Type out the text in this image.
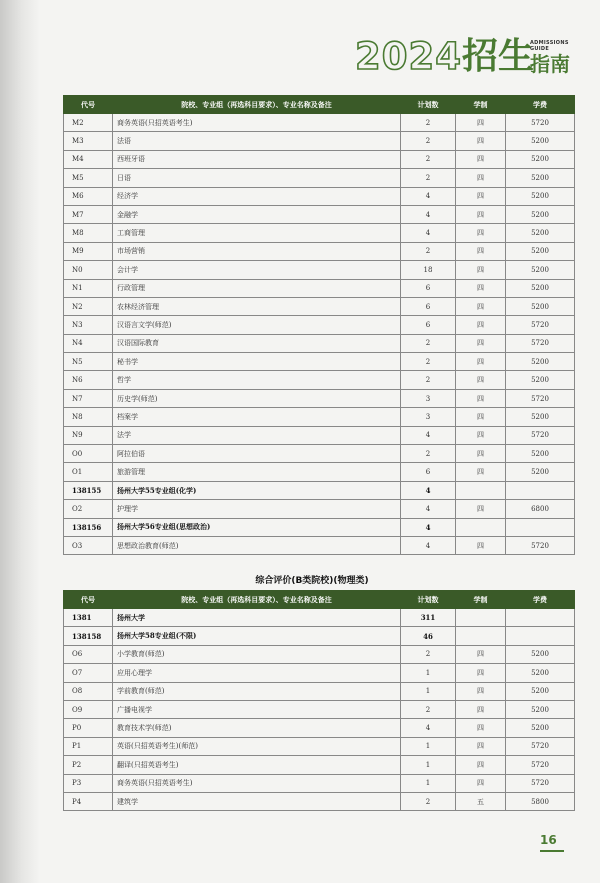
2024 招生
ADMISSIONS
GUIDE
指南
代号	院校、专业组（再选科目要求）、专业名称及备注	计划数	学制	学费
M2	商务英语(只招英语考生)	2	四	5720
M3	法语	2	四	5200
M4	西班牙语	2	四	5200
M5	日语	2	四	5200
M6	经济学	4	四	5200
M7	金融学	4	四	5200
M8	工商管理	4	四	5200
M9	市场营销	2	四	5200
N0	会计学	18	四	5200
N1	行政管理	6	四	5200
N2	农林经济管理	6	四	5200
N3	汉语言文学(师范)	6	四	5720
N4	汉语国际教育	2	四	5720
N5	秘书学	2	四	5200
N6	哲学	2	四	5200
N7	历史学(师范)	3	四	5720
N8	档案学	3	四	5200
N9	法学	4	四	5720
O0	阿拉伯语	2	四	5200
O1	旅游管理	6	四	5200
138155	扬州大学55专业组(化学)	4		
O2	护理学	4	四	6800
138156	扬州大学56专业组(思想政治)	4		
O3	思想政治教育(师范)	4	四	5720
综合评价(B类院校)(物理类)
代号	院校、专业组（再选科目要求）、专业名称及备注	计划数	学制	学费
1381	扬州大学	311		
138158	扬州大学58专业组(不限)	46		
O6	小学教育(师范)	2	四	5200
O7	应用心理学	1	四	5200
O8	学前教育(师范)	1	四	5200
O9	广播电视学	2	四	5200
P0	教育技术学(师范)	4	四	5200
P1	英语(只招英语考生)(师范)	1	四	5720
P2	翻译(只招英语考生)	1	四	5720
P3	商务英语(只招英语考生)	1	四	5720
P4	建筑学	2	五	5800
16
